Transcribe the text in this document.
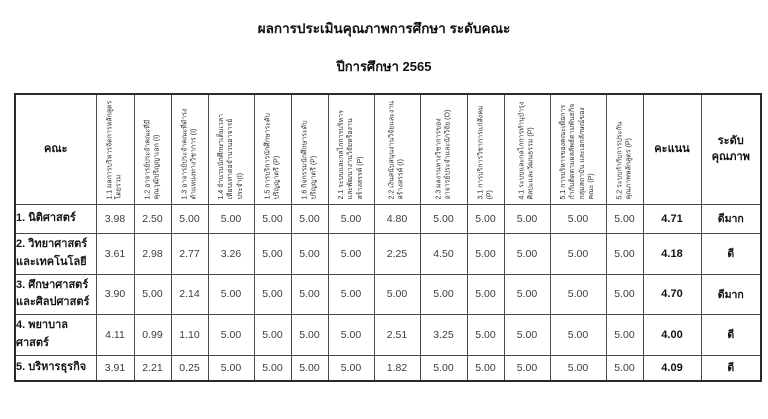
ผลการประเมินคุณภาพการศึกษา ระดับคณะ
ปีการศึกษา 2565
คณะ	1.1 ผลการบริหารจัดการหลักสูตร โดยรวม	1.2 อาจารย์ประจำคณะที่มี คุณวุฒิปริญญาเอก (I)	1.3 อาจารย์ประจำคณะที่ดำรง ตำแหน่งทางวิชาการ (I)	1.4 จำนวนนักศึกษาเต็มเวลา เทียบเท่าต่อจำนวนอาจารย์ ประจำ(I)	1.5 การบริการนักศึกษาระดับ ปริญญาตรี (P)	1.6 กิจกรรมนักศึกษาระดับ ปริญญาตรี (P)	2.1 ระบบและกลไกการบริหาร และพัฒนางานวิจัยหรืองาน สร้างสรรค์ (P)	2.2 เงินสนับสนุนงานวิจัยและงาน สร้างสรรค์ (I)	2.3 ผลงานทางวิชาการของ อาจารย์ประจำและนักวิจัย (O)	3.1 การบริการวิชาการแก่สังคม (P)	4.1 ระบบและกลไกการทำนุบำรุง ศิลปะและวัฒนธรรม (P)	5.1 การบริหารของคณะเพื่อการ กำกับติดตามผลลัพธ์ตามพันธกิจ กลุ่มสถาบัน และเอกลักษณ์ของ คณะ (P)	5.2 ระบบกำกับการประกัน คุณภาพหลักสูตร (P)	คะแนน	ระดับ
คุณภาพ
1. นิติศาสตร์	3.98	2.50	5.00	5.00	5.00	5.00	5.00	4.80	5.00	5.00	5.00	5.00	5.00	4.71	ดีมาก
2. วิทยาศาสตร์
และเทคโนโลยี	3.61	2.98	2.77	3.26	5.00	5.00	5.00	2.25	4.50	5.00	5.00	5.00	5.00	4.18	ดี
3. ศึกษาศาสตร์
และศิลปศาสตร์	3.90	5.00	2.14	5.00	5.00	5.00	5.00	5.00	5.00	5.00	5.00	5.00	5.00	4.70	ดีมาก
4. พยาบาล
ศาสตร์	4.11	0.99	1.10	5.00	5.00	5.00	5.00	2.51	3.25	5.00	5.00	5.00	5.00	4.00	ดี
5. บริหารธุรกิจ	3.91	2.21	0.25	5.00	5.00	5.00	5.00	1.82	5.00	5.00	5.00	5.00	5.00	4.09	ดี
